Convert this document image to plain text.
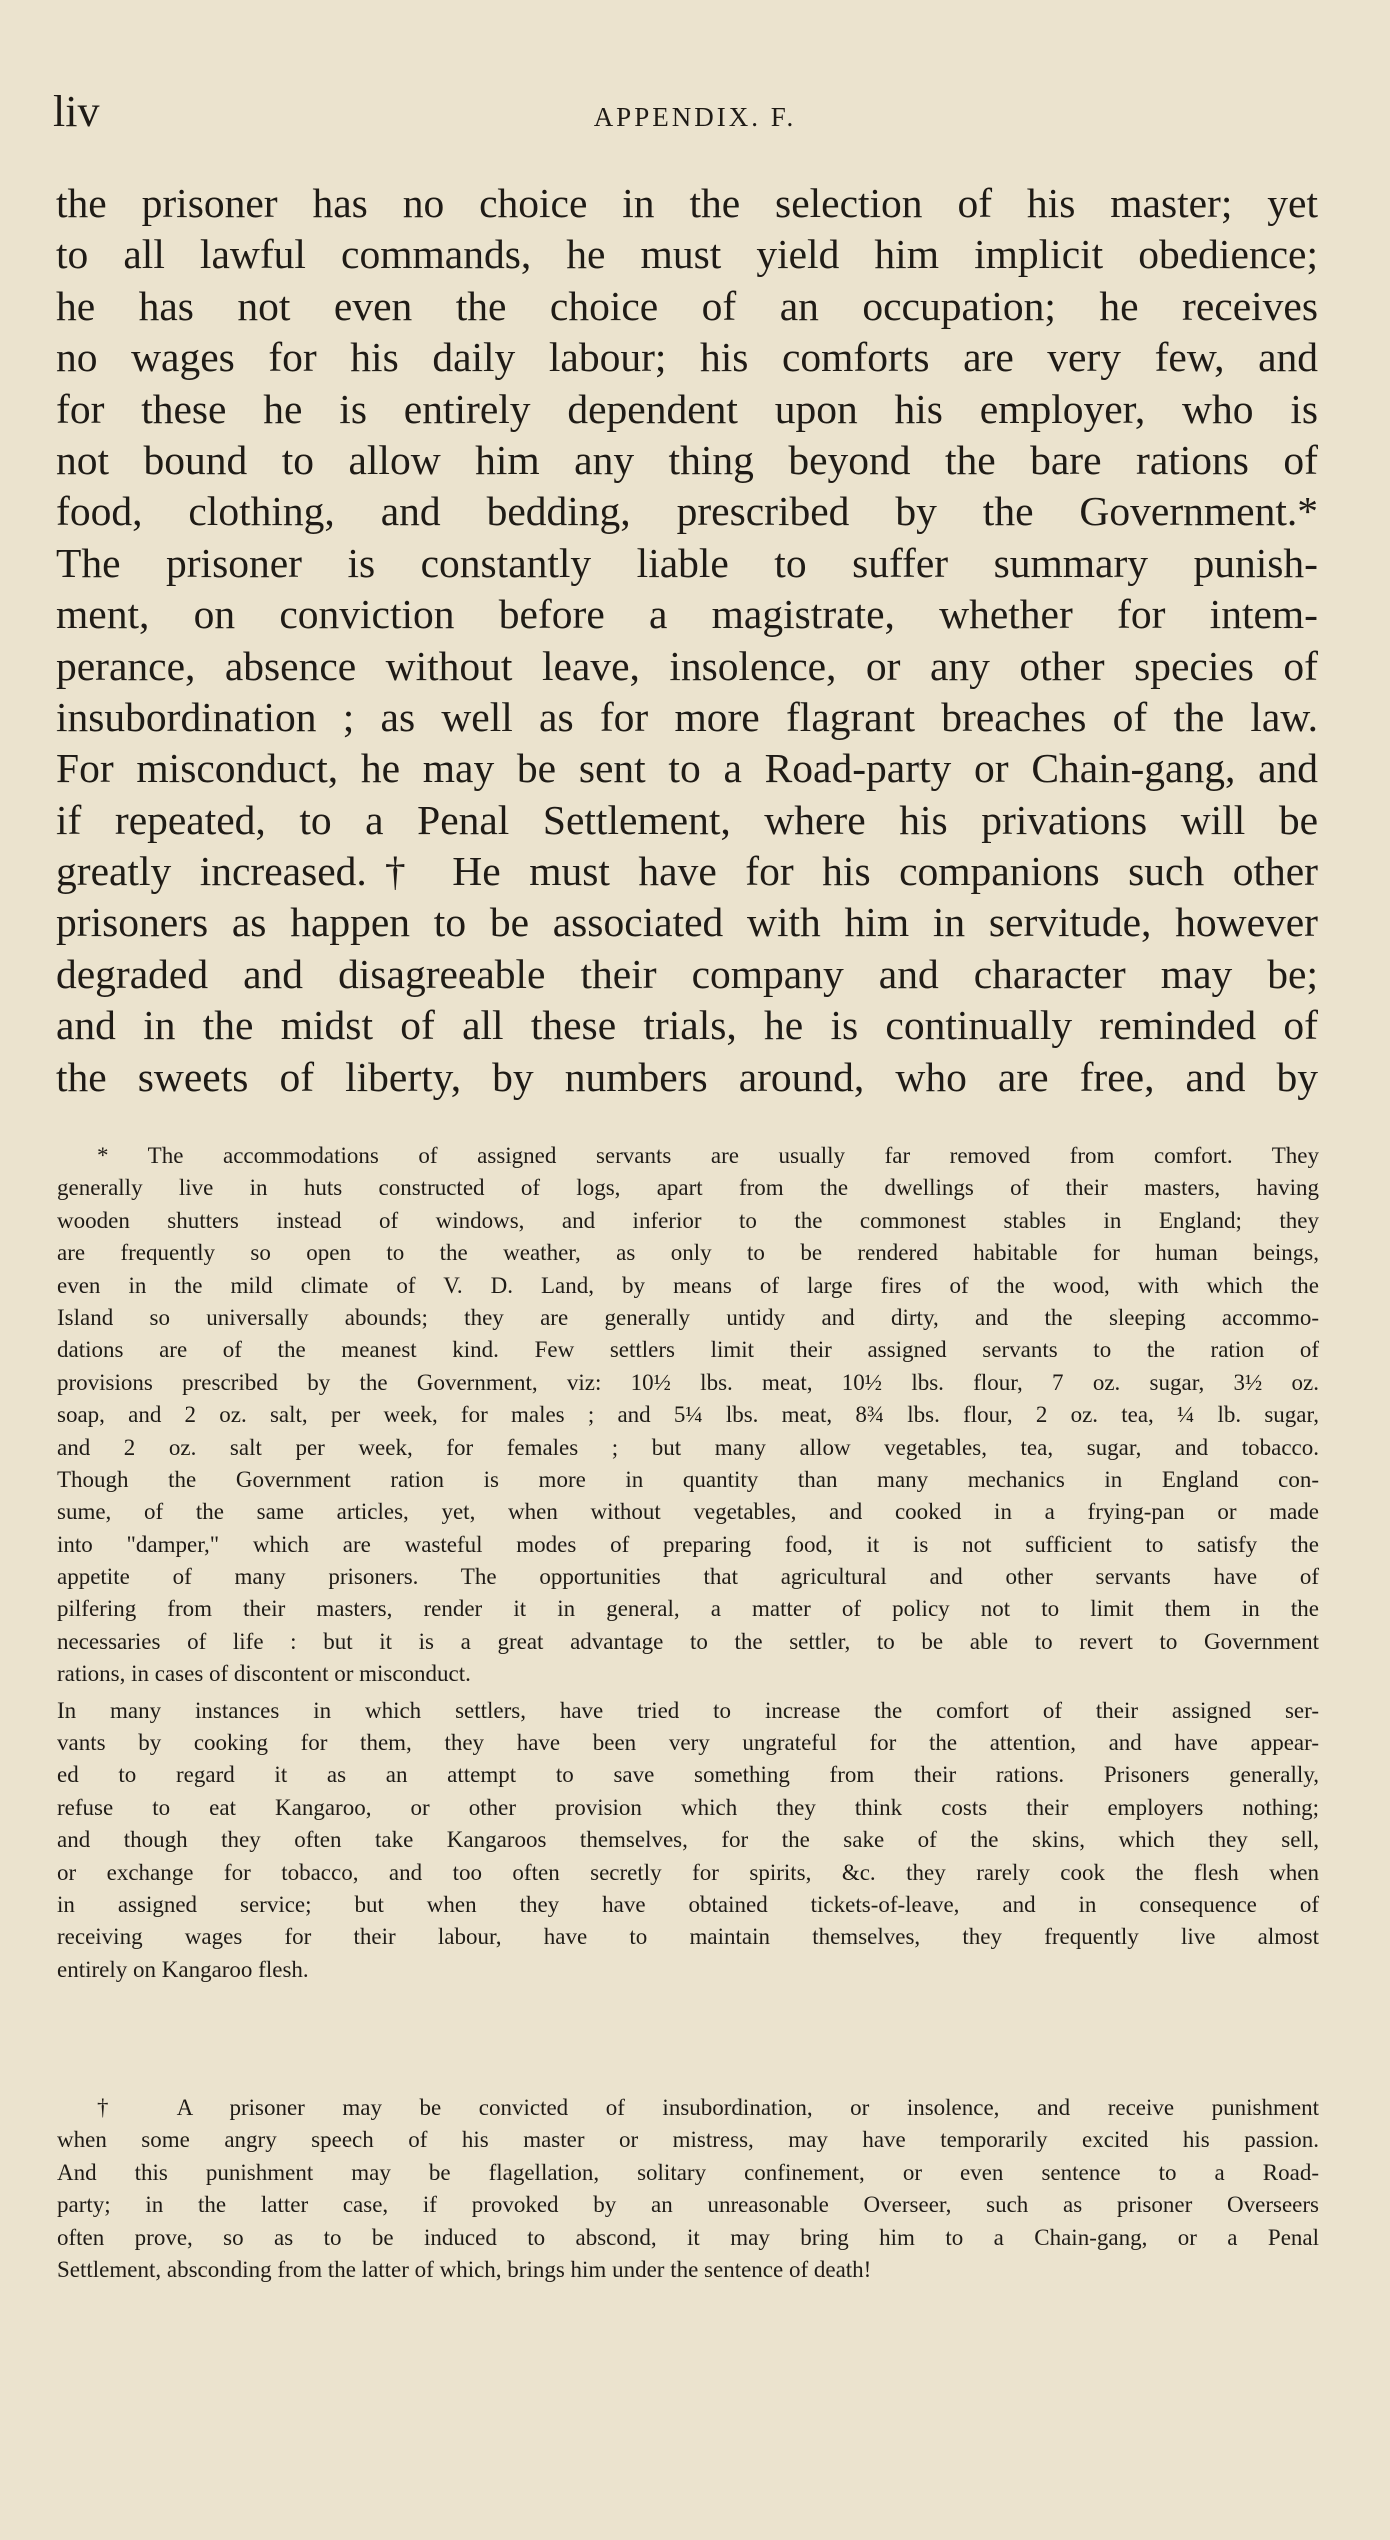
liv	APPENDIX. F.
the prisoner has no choice in the selection of his master; yet
to all lawful commands, he must yield him implicit obedience;
he has not even the choice of an occupation; he receives
no wages for his daily labour; his comforts are very few, and
for these he is entirely dependent upon his employer, who is
not bound to allow him any thing beyond the bare rations of
food, clothing, and bedding, prescribed by the Government.*
The prisoner is constantly liable to suffer summary punish-
ment, on conviction before a magistrate, whether for intem-
perance, absence without leave, insolence, or any other species of
insubordination ; as well as for more flagrant breaches of the law.
For misconduct, he may be sent to a Road-party or Chain-gang, and
if repeated, to a Penal Settlement, where his privations will be
greatly increased.† He must have for his companions such other
prisoners as happen to be associated with him in servitude, however
degraded and disagreeable their company and character may be;
and in the midst of all these trials, he is continually reminded of
the sweets of liberty, by numbers around, who are free, and by
* The accommodations of assigned servants are usually far removed from comfort. They
generally live in huts constructed of logs, apart from the dwellings of their masters, having
wooden shutters instead of windows, and inferior to the commonest stables in England; they
are frequently so open to the weather, as only to be rendered habitable for human beings,
even in the mild climate of V. D. Land, by means of large fires of the wood, with which the
Island so universally abounds; they are generally untidy and dirty, and the sleeping accommo-
dations are of the meanest kind. Few settlers limit their assigned servants to the ration of
provisions prescribed by the Government, viz: 10½ lbs. meat, 10½ lbs. flour, 7 oz. sugar, 3½ oz.
soap, and 2 oz. salt, per week, for males ; and 5¼ lbs. meat, 8¾ lbs. flour, 2 oz. tea, ¼ lb. sugar,
and 2 oz. salt per week, for females ; but many allow vegetables, tea, sugar, and tobacco.
Though the Government ration is more in quantity than many mechanics in England con-
sume, of the same articles, yet, when without vegetables, and cooked in a frying-pan or made
into "damper," which are wasteful modes of preparing food, it is not sufficient to satisfy the
appetite of many prisoners. The opportunities that agricultural and other servants have of
pilfering from their masters, render it in general, a matter of policy not to limit them in the
necessaries of life : but it is a great advantage to the settler, to be able to revert to Government
rations, in cases of discontent or misconduct.
In many instances in which settlers, have tried to increase the comfort of their assigned ser-
vants by cooking for them, they have been very ungrateful for the attention, and have appear-
ed to regard it as an attempt to save something from their rations. Prisoners generally,
refuse to eat Kangaroo, or other provision which they think costs their employers nothing;
and though they often take Kangaroos themselves, for the sake of the skins, which they sell,
or exchange for tobacco, and too often secretly for spirits, &c. they rarely cook the flesh when
in assigned service; but when they have obtained tickets-of-leave, and in consequence of
receiving wages for their labour, have to maintain themselves, they frequently live almost
entirely on Kangaroo flesh.
† A prisoner may be convicted of insubordination, or insolence, and receive punishment
when some angry speech of his master or mistress, may have temporarily excited his passion.
And this punishment may be flagellation, solitary confinement, or even sentence to a Road-
party; in the latter case, if provoked by an unreasonable Overseer, such as prisoner Overseers
often prove, so as to be induced to abscond, it may bring him to a Chain-gang, or a Penal
Settlement, absconding from the latter of which, brings him under the sentence of death!
